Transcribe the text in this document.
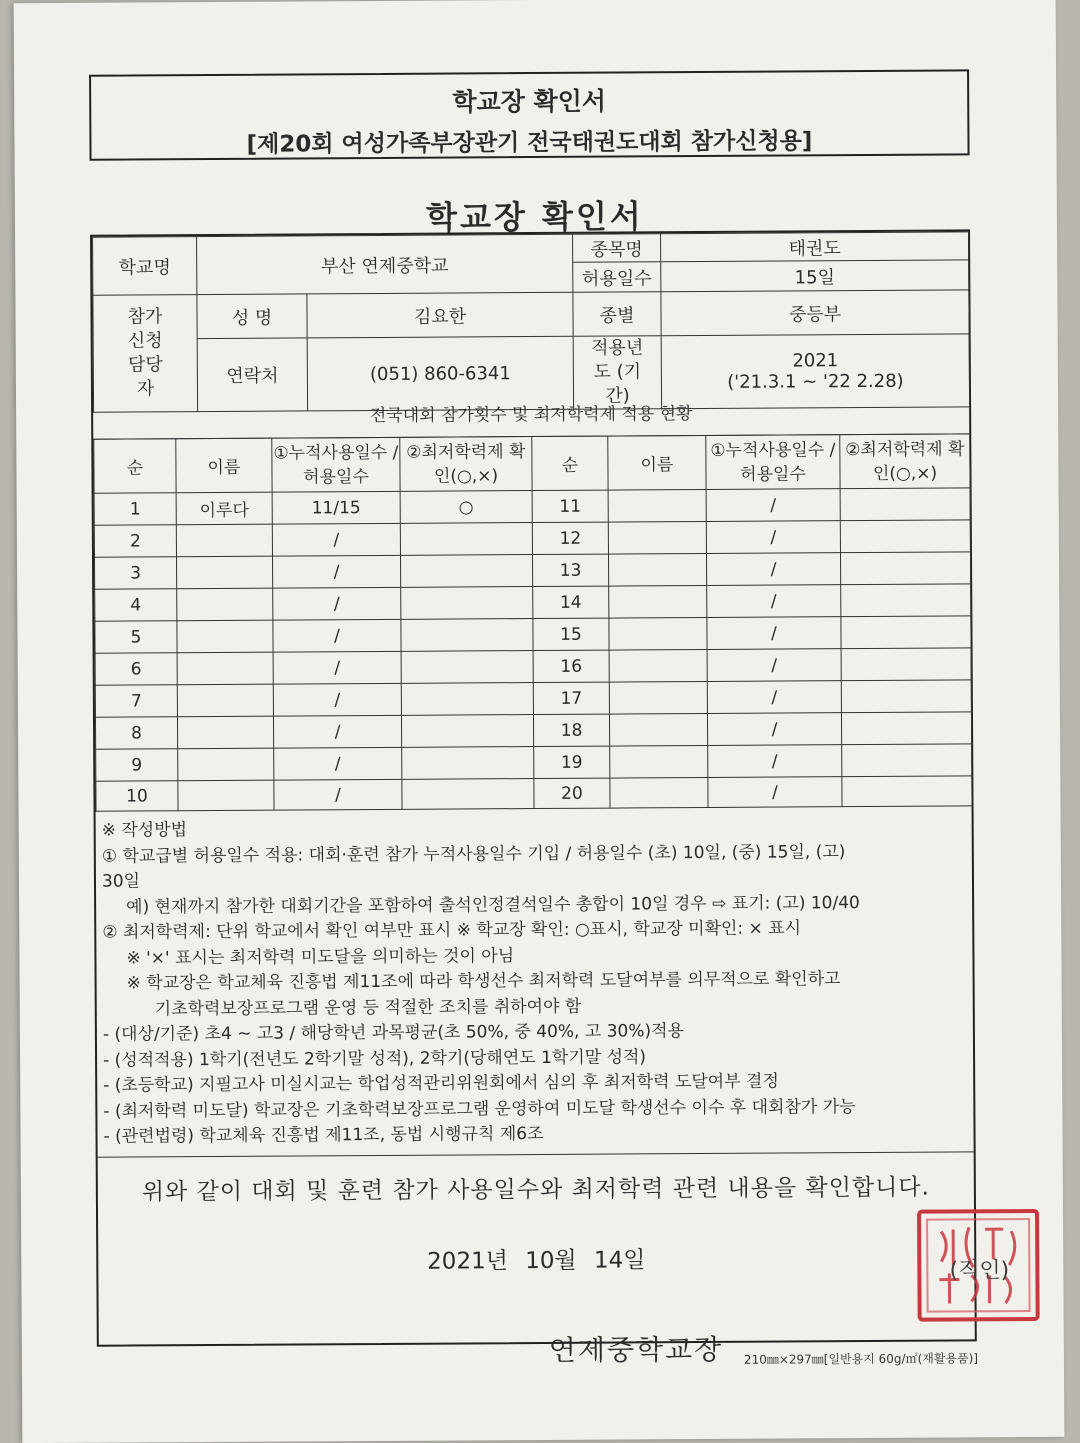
학교장 확인서
[제20회 여성가족부장관기 전국태권도대회 참가신청용]
학교장 확인서
학교명	부산 연제중학교		종목명	태권도
			허용일수	15일
참가 신청 담당자	성 명	김요한	종별	중등부
	연락처	(051) 860-6341	적용년도 (기간)	2021
('21.3.1 ~ '22 2.28)
전국대회 참가횟수 및 최저학력제 적용 현황
순	이름	①누적사용일수 /허용일수	②최저학력제 확인(○,×)	순	이름	①누적사용일수 /허용일수	②최저학력제 확인(○,×)
1	이루다	11/15	○	11		/	
2		/		12		/	
3		/		13		/	
4		/		14		/	
5		/		15		/	
6		/		16		/	
7		/		17		/	
8		/		18		/	
9		/		19		/	
10		/		20		/	
※ 작성방법
① 학교급별 허용일수 적용: 대회·훈련 참가 누적사용일수 기입 / 허용일수 (초) 10일, (중) 15일, (고)
30일
예) 현재까지 참가한 대회기간을 포함하여 출석인정결석일수 총합이 10일 경우 ⇨ 표기: (고) 10/40
② 최저학력제: 단위 학교에서 확인 여부만 표시 ※ 학교장 확인: ○표시, 학교장 미확인: × 표시
※ '×' 표시는 최저학력 미도달을 의미하는 것이 아님
※ 학교장은 학교체육 진흥법 제11조에 따라 학생선수 최저학력 도달여부를 의무적으로 확인하고
기초학력보장프로그램 운영 등 적절한 조치를 취하여야 함
- (대상/기준) 초4 ~ 고3 / 해당학년 과목평균(초 50%, 중 40%, 고 30%)적용
- (성적적용) 1학기(전년도 2학기말 성적), 2학기(당해연도 1학기말 성적)
- (초등학교) 지필고사 미실시교는 학업성적관리위원회에서 심의 후 최저학력 도달여부 결정
- (최저학력 미도달) 학교장은 기초학력보장프로그램 운영하여 미도달 학생선수 이수 후 대회참가 가능
- (관련법령) 학교체육 진흥법 제11조, 동법 시행규칙 제6조
위와 같이 대회 및 훈련 참가 사용일수와 최저학력 관련 내용을 확인합니다.
2021년 10월 14일
연제중학교장
(직인)
210㎜×297㎜[일반용지 60g/㎡(재활용품)]
